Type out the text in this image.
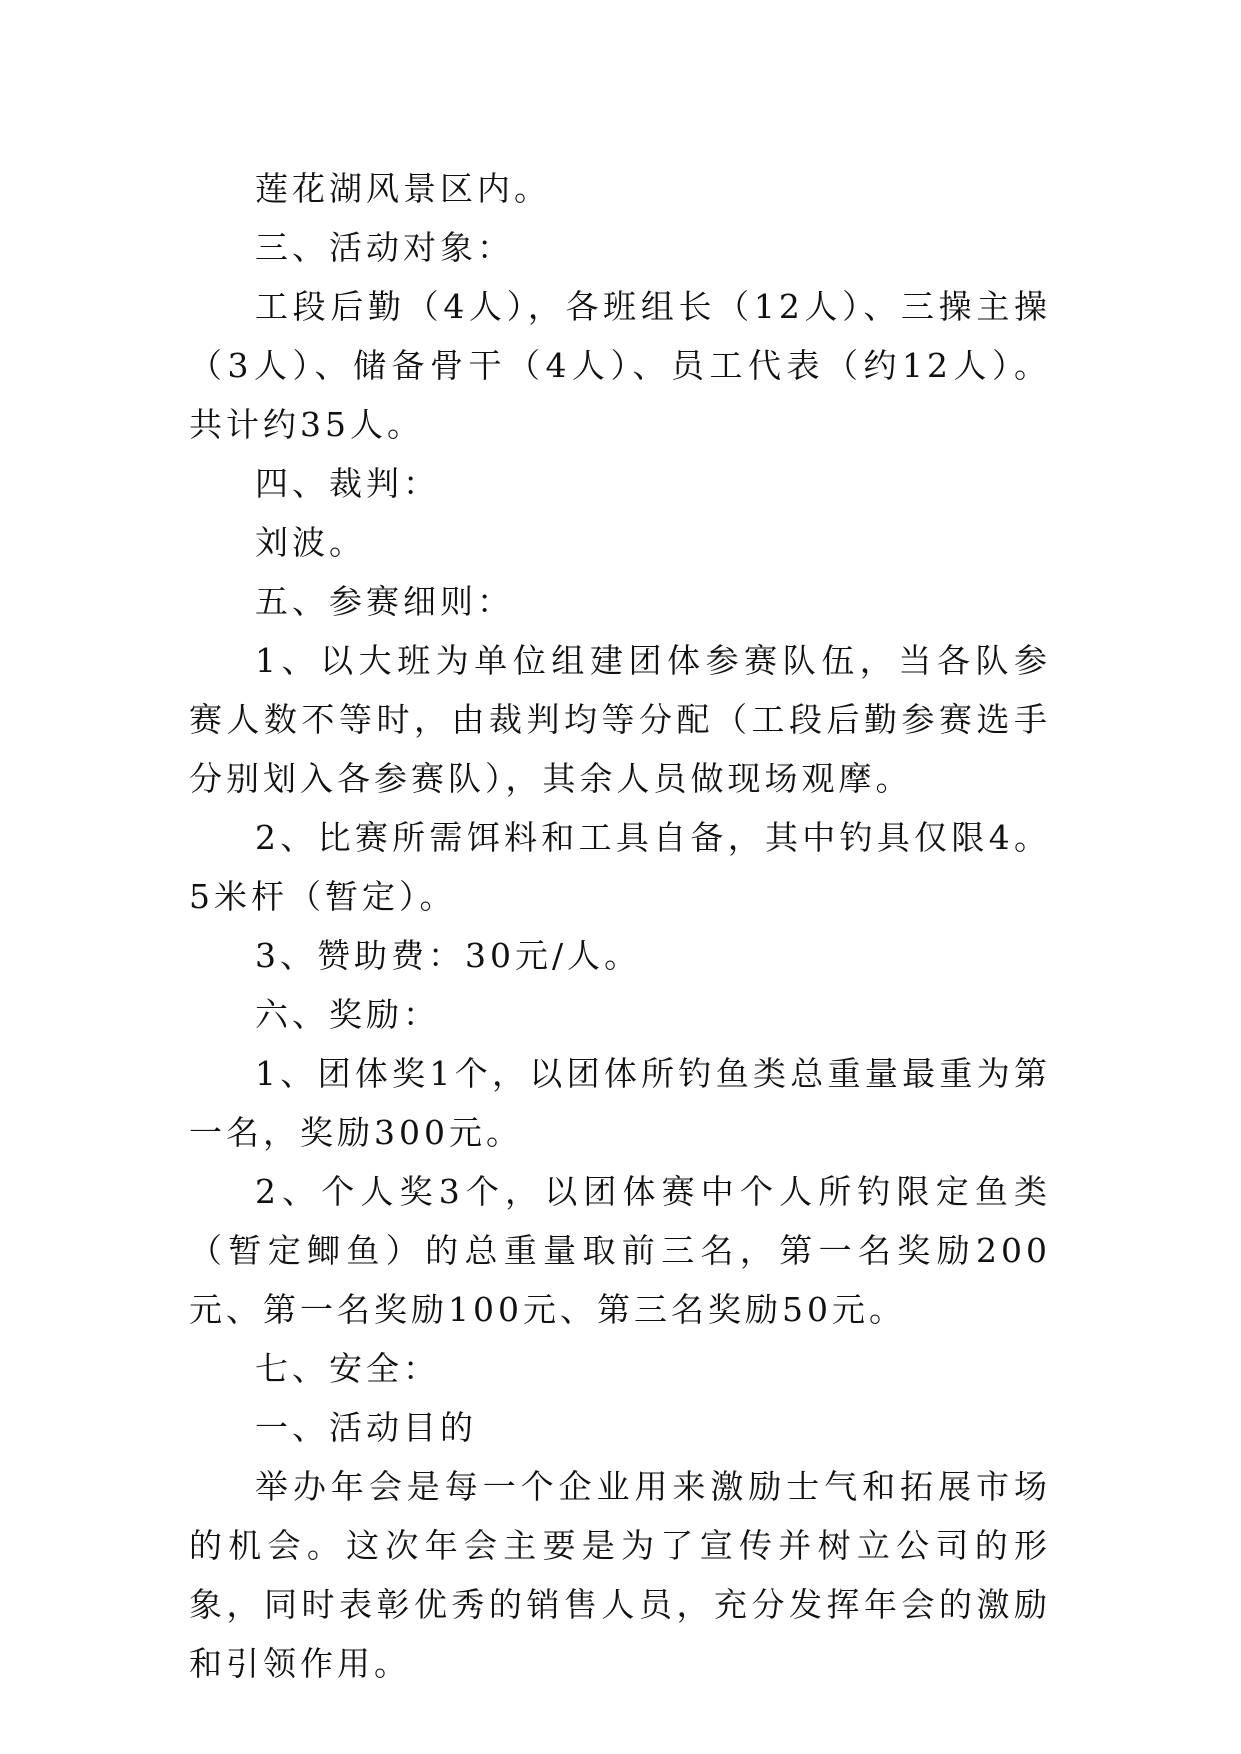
莲花湖风景区内。

三、活动对象：

工段后勤（4人），各班组长（12人）、三操主操（3人）、储备骨干（4人）、员工代表（约12人）。共计约35人。

四、裁判：

刘波。

五、参赛细则：

1、以大班为单位组建团体参赛队伍，当各队参赛人数不等时，由裁判均等分配（工段后勤参赛选手分别划入各参赛队），其余人员做现场观摩。

2、比赛所需饵料和工具自备，其中钓具仅限4。5米杆（暂定）。

3、赞助费：30元/人。

六、奖励：

1、团体奖1个，以团体所钓鱼类总重量最重为第一名，奖励300元。

2、个人奖3个，以团体赛中个人所钓限定鱼类（暂定鲫鱼）的总重量取前三名，第一名奖励200元、第一名奖励100元、第三名奖励50元。

七、安全：

一、活动目的

举办年会是每一个企业用来激励士气和拓展市场的机会。这次年会主要是为了宣传并树立公司的形象，同时表彰优秀的销售人员，充分发挥年会的激励和引领作用。
